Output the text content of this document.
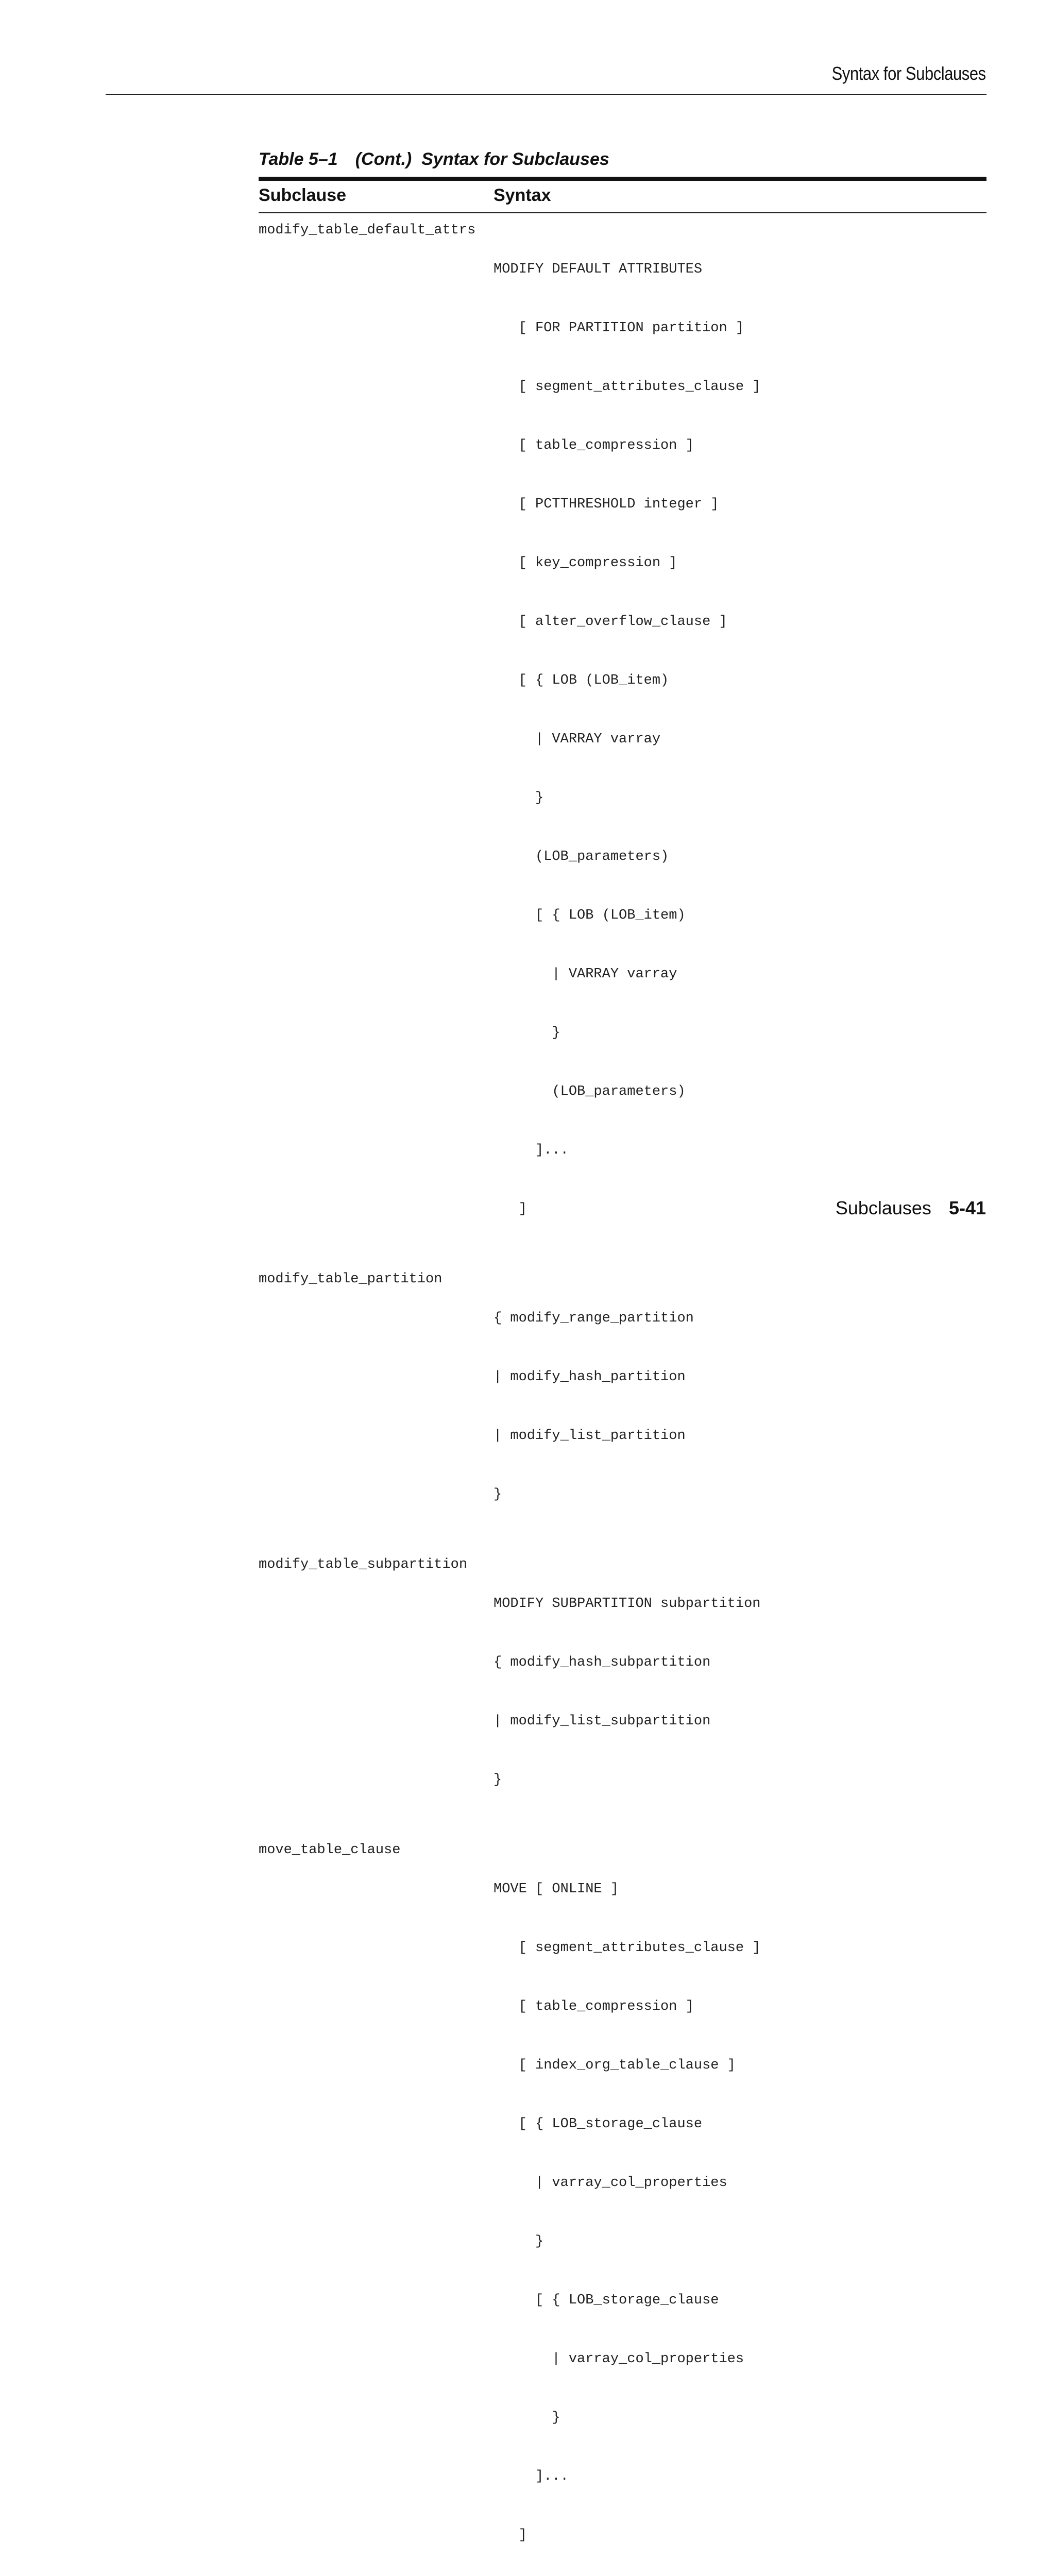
Syntax for Subclauses
Table 5–1 (Cont.)  Syntax for Subclauses
Subclause	Syntax
modify_table_default_attrs

MODIFY DEFAULT ATTRIBUTES

[ FOR PARTITION partition ]

[ segment_attributes_clause ]

[ table_compression ]

[ PCTTHRESHOLD integer ]

[ key_compression ]

[ alter_overflow_clause ]

[ { LOB (LOB_item)

| VARRAY varray

}

(LOB_parameters)

[ { LOB (LOB_item)

| VARRAY varray

}

(LOB_parameters)

]...

]

modify_table_partition

{ modify_range_partition

| modify_hash_partition

| modify_list_partition

}

modify_table_subpartition

MODIFY SUBPARTITION subpartition

{ modify_hash_subpartition

| modify_list_subpartition

}

move_table_clause

MOVE [ ONLINE ]

[ segment_attributes_clause ]

[ table_compression ]

[ index_org_table_clause ]

[ { LOB_storage_clause

| varray_col_properties

}

[ { LOB_storage_clause

| varray_col_properties

}

]...

]

Subclauses 5-41
